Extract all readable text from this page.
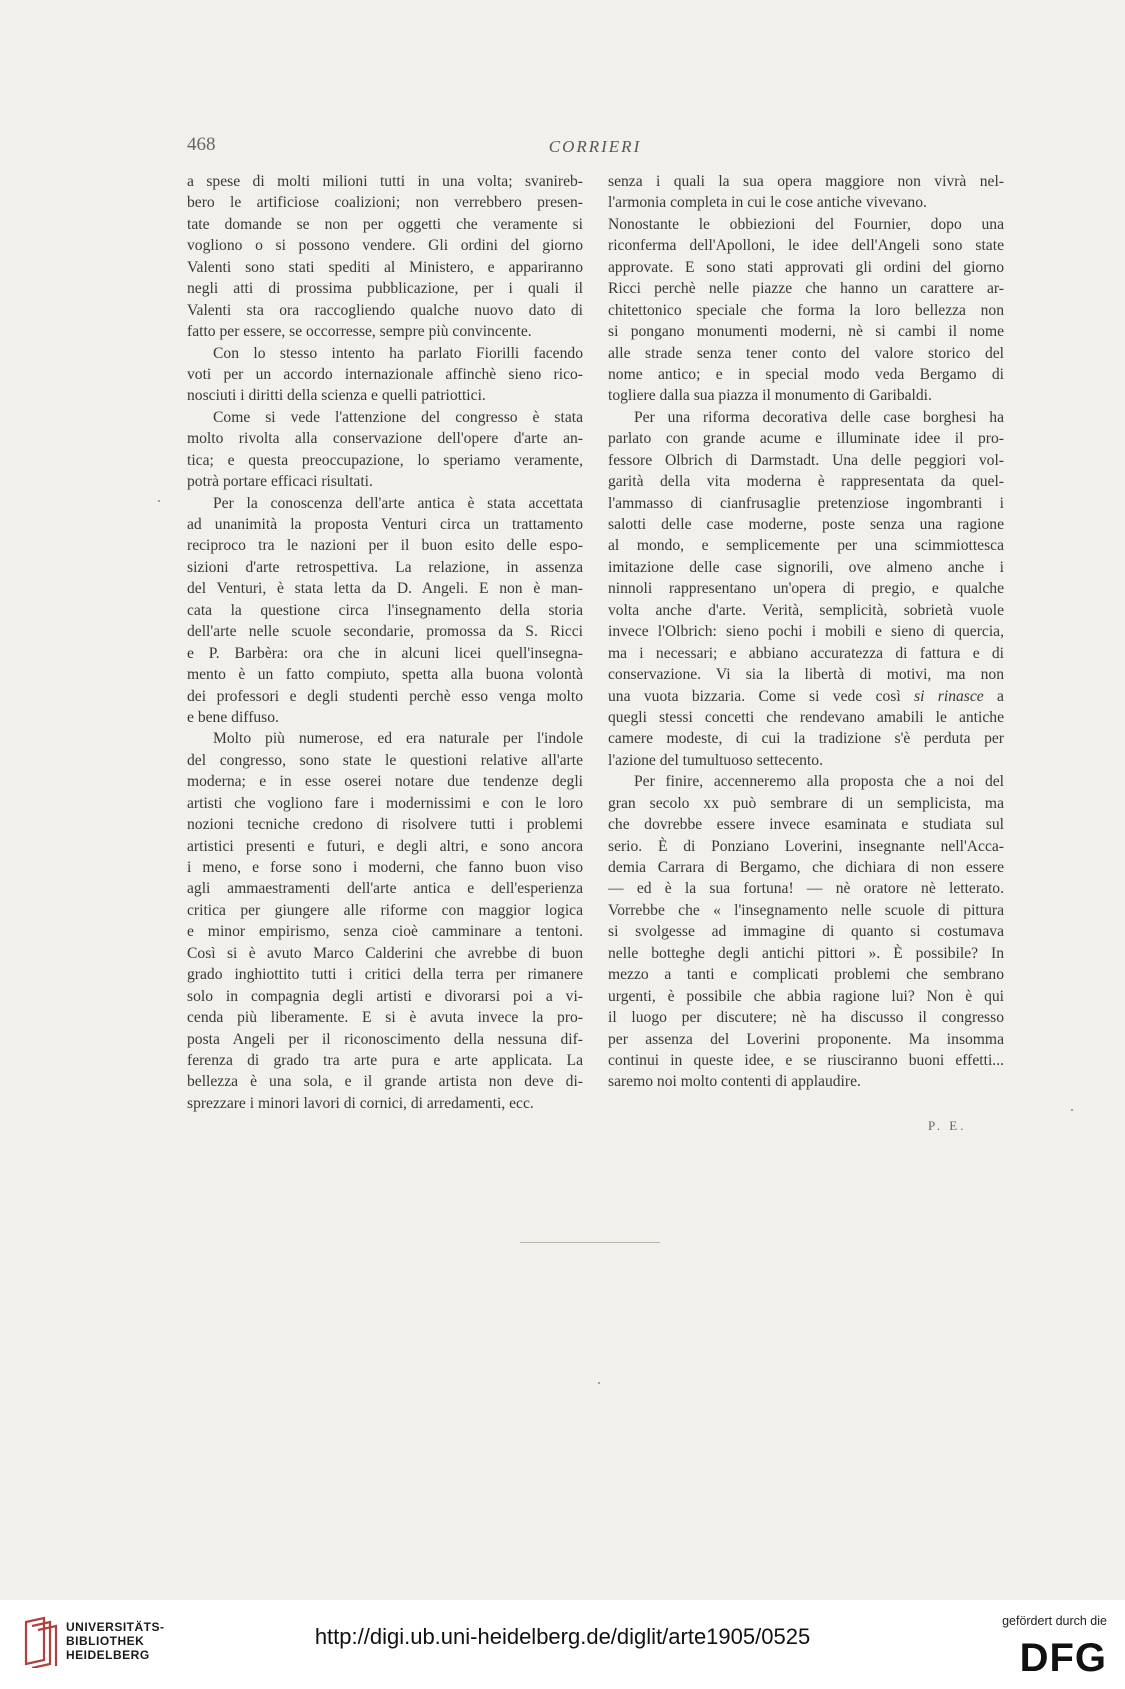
468	CORRIERI
a spese di molti milioni tutti in una volta; svanireb-
bero le artificiose coalizioni; non verrebbero presen-
tate domande se non per oggetti che veramente si
vogliono o si possono vendere. Gli ordini del giorno
Valenti sono stati spediti al Ministero, e appariranno
negli atti di prossima pubblicazione, per i quali il
Valenti sta ora raccogliendo qualche nuovo dato di
fatto per essere, se occorresse, sempre più convincente.
Con lo stesso intento ha parlato Fiorilli facendo
voti per un accordo internazionale affinchè sieno rico-
nosciuti i diritti della scienza e quelli patriottici.
Come si vede l'attenzione del congresso è stata
molto rivolta alla conservazione dell'opere d'arte an-
tica; e questa preoccupazione, lo speriamo veramente,
potrà portare efficaci risultati.
Per la conoscenza dell'arte antica è stata accettata
ad unanimità la proposta Venturi circa un trattamento
reciproco tra le nazioni per il buon esito delle espo-
sizioni d'arte retrospettiva. La relazione, in assenza
del Venturi, è stata letta da D. Angeli. E non è man-
cata la questione circa l'insegnamento della storia
dell'arte nelle scuole secondarie, promossa da S. Ricci
e P. Barbèra: ora che in alcuni licei quell'insegna-
mento è un fatto compiuto, spetta alla buona volontà
dei professori e degli studenti perchè esso venga molto
e bene diffuso.
Molto più numerose, ed era naturale per l'indole
del congresso, sono state le questioni relative all'arte
moderna; e in esse oserei notare due tendenze degli
artisti che vogliono fare i modernissimi e con le loro
nozioni tecniche credono di risolvere tutti i problemi
artistici presenti e futuri, e degli altri, e sono ancora
i meno, e forse sono i moderni, che fanno buon viso
agli ammaestramenti dell'arte antica e dell'esperienza
critica per giungere alle riforme con maggior logica
e minor empirismo, senza cioè camminare a tentoni.
Così si è avuto Marco Calderini che avrebbe di buon
grado inghiottito tutti i critici della terra per rimanere
solo in compagnia degli artisti e divorarsi poi a vi-
cenda più liberamente. E si è avuta invece la pro-
posta Angeli per il riconoscimento della nessuna dif-
ferenza di grado tra arte pura e arte applicata. La
bellezza è una sola, e il grande artista non deve di-
sprezzare i minori lavori di cornici, di arredamenti, ecc.
senza i quali la sua opera maggiore non vivrà nel-
l'armonia completa in cui le cose antiche vivevano.
Nonostante le obbiezioni del Fournier, dopo una
riconferma dell'Apolloni, le idee dell'Angeli sono state
approvate. E sono stati approvati gli ordini del giorno
Ricci perchè nelle piazze che hanno un carattere ar-
chitettonico speciale che forma la loro bellezza non
si pongano monumenti moderni, nè si cambi il nome
alle strade senza tener conto del valore storico del
nome antico; e in special modo veda Bergamo di
togliere dalla sua piazza il monumento di Garibaldi.
Per una riforma decorativa delle case borghesi ha
parlato con grande acume e illuminate idee il pro-
fessore Olbrich di Darmstadt. Una delle peggiori vol-
garità della vita moderna è rappresentata da quel-
l'ammasso di cianfrusaglie pretenziose ingombranti i
salotti delle case moderne, poste senza una ragione
al mondo, e semplicemente per una scimmiottesca
imitazione delle case signorili, ove almeno anche i
ninnoli rappresentano un'opera di pregio, e qualche
volta anche d'arte. Verità, semplicità, sobrietà vuole
invece l'Olbrich: sieno pochi i mobili e sieno di quercia,
ma i necessari; e abbiano accuratezza di fattura e di
conservazione. Vi sia la libertà di motivi, ma non
una vuota bizzaria. Come si vede così si rinasce a
quegli stessi concetti che rendevano amabili le antiche
camere modeste, di cui la tradizione s'è perduta per
l'azione del tumultuoso settecento.
Per finire, accenneremo alla proposta che a noi del
gran secolo xx può sembrare di un semplicista, ma
che dovrebbe essere invece esaminata e studiata sul
serio. È di Ponziano Loverini, insegnante nell'Acca-
demia Carrara di Bergamo, che dichiara di non essere
— ed è la sua fortuna! — nè oratore nè letterato.
Vorrebbe che « l'insegnamento nelle scuole di pittura
si svolgesse ad immagine di quanto si costumava
nelle botteghe degli antichi pittori ». È possibile? In
mezzo a tanti e complicati problemi che sembrano
urgenti, è possibile che abbia ragione lui? Non è qui
il luogo per discutere; nè ha discusso il congresso
per assenza del Loverini proponente. Ma insomma
continui in queste idee, e se riusciranno buoni effetti...
saremo noi molto contenti di applaudire.
P. E.
UNIVERSITÄTS-
BIBLIOTHEK
HEIDELBERG
http://digi.ub.uni-heidelberg.de/diglit/arte1905/0525
gefördert durch die
DFG
